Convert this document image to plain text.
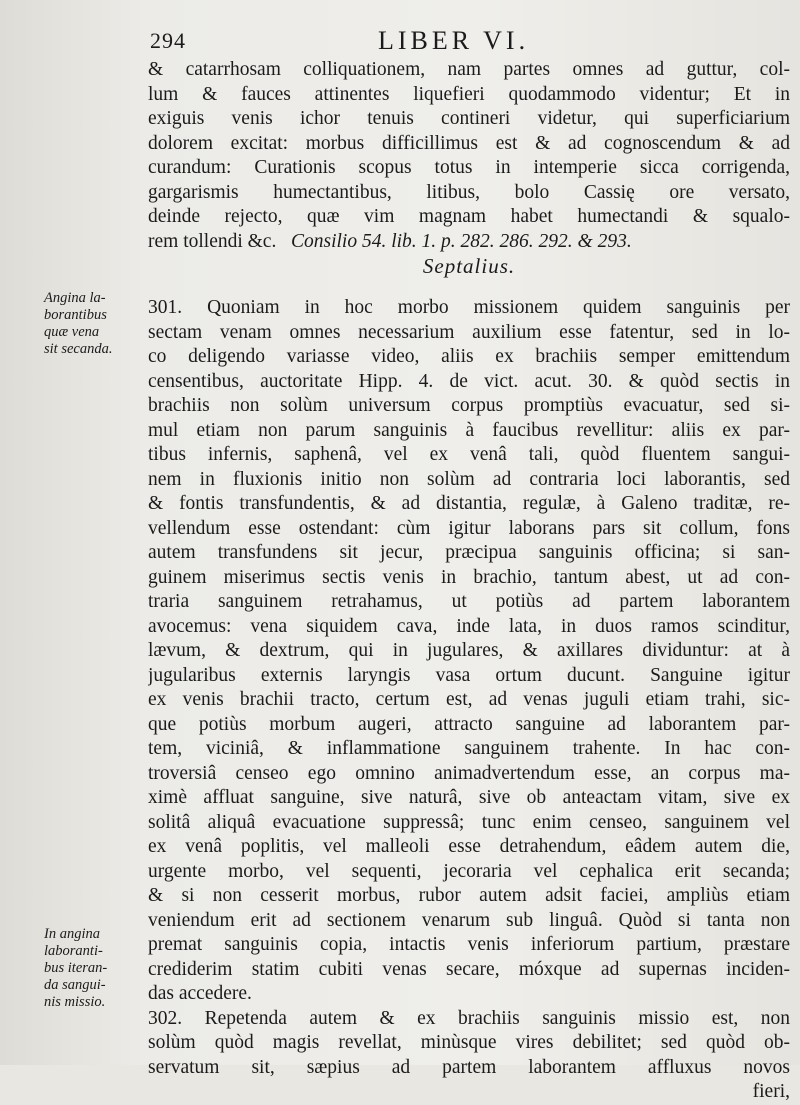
294	LIBER VI.
& catarrhosam colliquationem, nam partes omnes ad guttur, col-
lum & fauces attinentes liquefieri quodammodo videntur; Et in
exiguis venis ichor tenuis contineri videtur, qui superficiarium
dolorem excitat: morbus difficillimus est & ad cognoscendum & ad
curandum: Curationis scopus totus in intemperie sicca corrigenda,
gargarismis humectantibus, litibus, bolo Cassię ore versato,
deinde rejecto, quæ vim magnam habet humectandi & squalo-
rem tollendi &c. Consilio 54. lib. 1. p. 282. 286. 292. & 293.
Septalius.
Angina la-
borantibus
quæ vena
sit secanda.
In angina
laboranti-
bus iteran-
da sangui-
nis missio.
301. Quoniam in hoc morbo missionem quidem sanguinis per
sectam venam omnes necessarium auxilium esse fatentur, sed in lo-
co deligendo variasse video, aliis ex brachiis semper emittendum
censentibus, auctoritate Hipp. 4. de vict. acut. 30. & quòd sectis in
brachiis non solùm universum corpus promptiùs evacuatur, sed si-
mul etiam non parum sanguinis à faucibus revellitur: aliis ex par-
tibus infernis, saphenâ, vel ex venâ tali, quòd fluentem sangui-
nem in fluxionis initio non solùm ad contraria loci laborantis, sed
& fontis transfundentis, & ad distantia, regulæ, à Galeno traditæ, re-
vellendum esse ostendant: cùm igitur laborans pars sit collum, fons
autem transfundens sit jecur, præcipua sanguinis officina; si san-
guinem miserimus sectis venis in brachio, tantum abest, ut ad con-
traria sanguinem retrahamus, ut potiùs ad partem laborantem
avocemus: vena siquidem cava, inde lata, in duos ramos scinditur,
lævum, & dextrum, qui in jugulares, & axillares dividuntur: at à
jugularibus externis laryngis vasa ortum ducunt. Sanguine igitur
ex venis brachii tracto, certum est, ad venas juguli etiam trahi, sic-
que potiùs morbum augeri, attracto sanguine ad laborantem par-
tem, viciniâ, & inflammatione sanguinem trahente. In hac con-
troversiâ censeo ego omnino animadvertendum esse, an corpus ma-
ximè affluat sanguine, sive naturâ, sive ob anteactam vitam, sive ex
solitâ aliquâ evacuatione suppressâ; tunc enim censeo, sanguinem vel
ex venâ poplitis, vel malleoli esse detrahendum, eâdem autem die,
urgente morbo, vel sequenti, jecoraria vel cephalica erit secanda;
& si non cesserit morbus, rubor autem adsit faciei, ampliùs etiam
veniendum erit ad sectionem venarum sub linguâ. Quòd si tanta non
premat sanguinis copia, intactis venis inferiorum partium, præstare
crediderim statim cubiti venas secare, móxque ad supernas inciden-
das accedere.
302. Repetenda autem & ex brachiis sanguinis missio est, non
solùm quòd magis revellat, minùsque vires debilitet; sed quòd ob-
servatum sit, sæpius ad partem laborantem affluxus novos
fieri,
